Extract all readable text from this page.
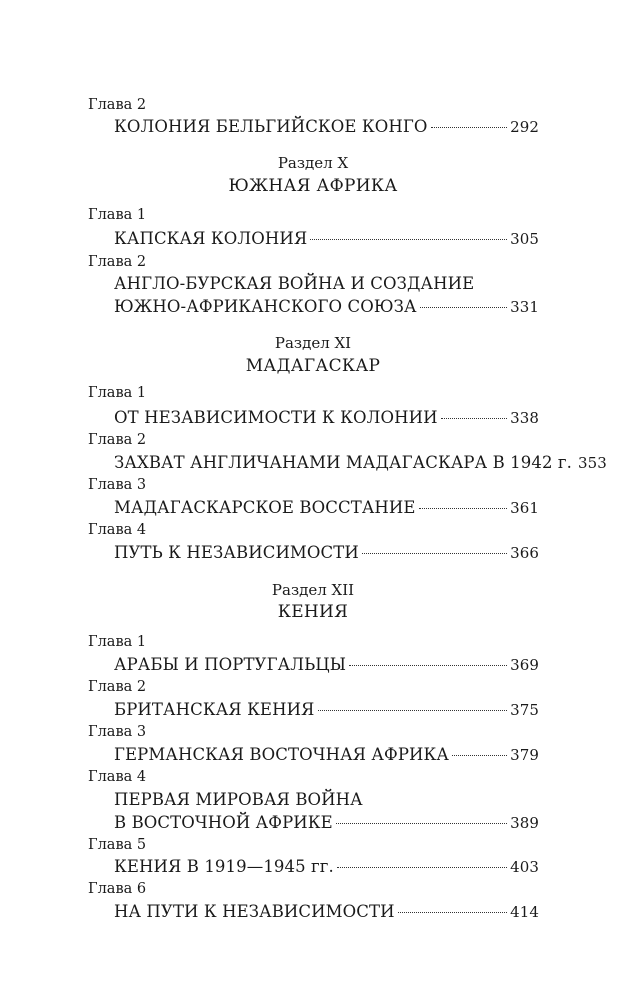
Глава 2
КОЛОНИЯ БЕЛЬГИЙСКОЕ КОНГО	292
Раздел X
ЮЖНАЯ АФРИКА
Глава 1
КАПСКАЯ КОЛОНИЯ	305
Глава 2
АНГЛО-БУРСКАЯ ВОЙНА И СОЗДАНИЕ
ЮЖНО-АФРИКАНСКОГО СОЮЗА	331
Раздел XI
МАДАГАСКАР
Глава 1
ОТ НЕЗАВИСИМОСТИ К КОЛОНИИ	338
Глава 2
ЗАХВАТ АНГЛИЧАНАМИ МАДАГАСКАРА В 1942 г. 353
Глава 3
МАДАГАСКАРСКОЕ ВОССТАНИЕ	361
Глава 4
ПУТЬ К НЕЗАВИСИМОСТИ	366
Раздел XII
КЕНИЯ
Глава 1
АРАБЫ И ПОРТУГАЛЬЦЫ	369
Глава 2
БРИТАНСКАЯ КЕНИЯ	375
Глава 3
ГЕРМАНСКАЯ ВОСТОЧНАЯ АФРИКА	379
Глава 4
ПЕРВАЯ МИРОВАЯ ВОЙНА
В ВОСТОЧНОЙ АФРИКЕ	389
Глава 5
КЕНИЯ В 1919—1945 гг.	403
Глава 6
НА ПУТИ К НЕЗАВИСИМОСТИ	414
